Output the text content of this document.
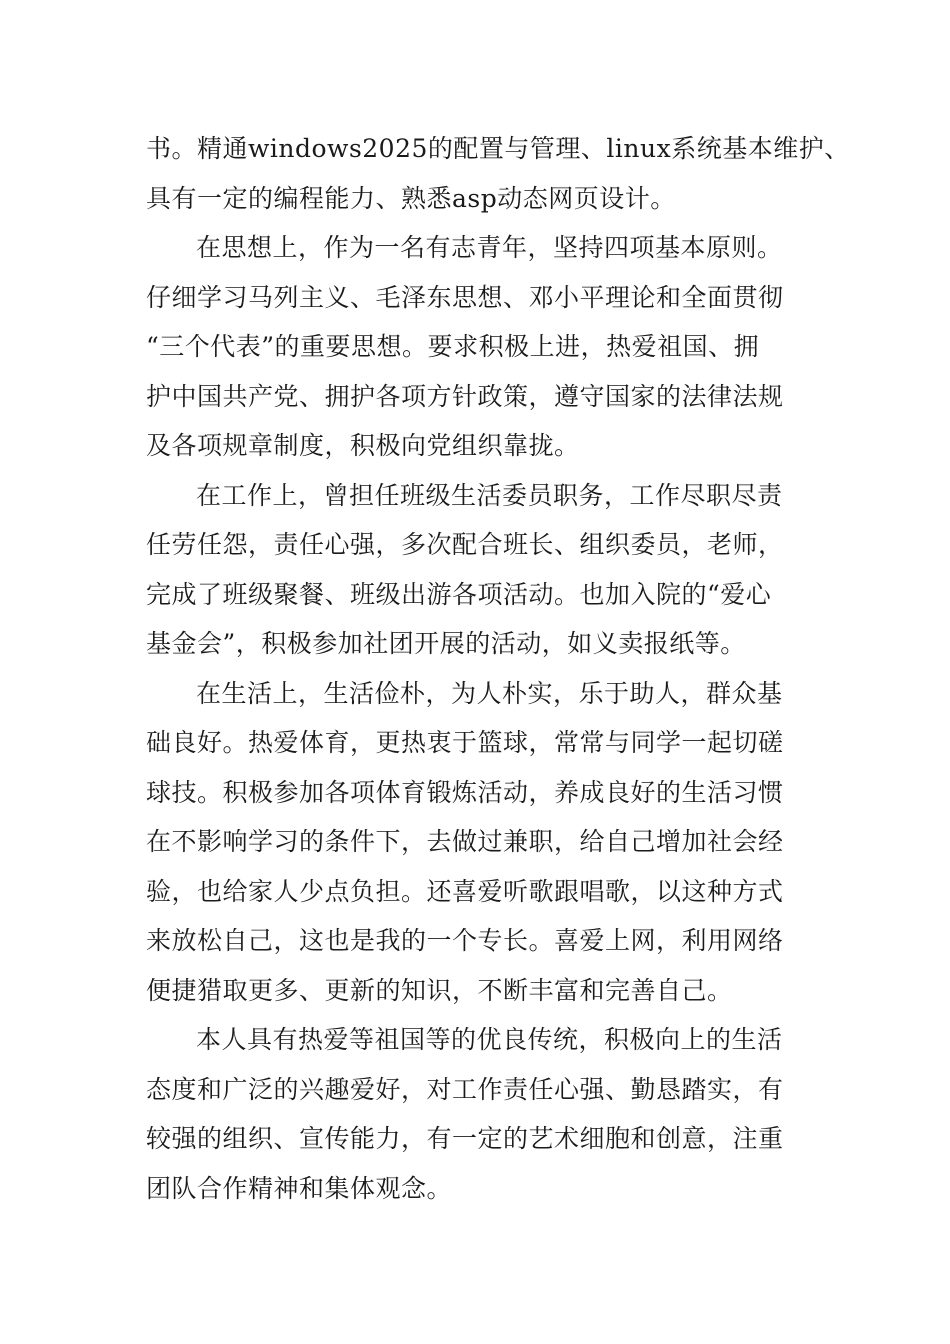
书。精通windows2025的配置与管理、linux系统基本维护、
具有一定的编程能力、熟悉asp动态网页设计。
在思想上，作为一名有志青年，坚持四项基本原则。
仔细学习马列主义、毛泽东思想、邓小平理论和全面贯彻
“三个代表”的重要思想。要求积极上进，热爱祖国、拥
护中国共产党、拥护各项方针政策，遵守国家的法律法规
及各项规章制度，积极向党组织靠拢。
在工作上，曾担任班级生活委员职务，工作尽职尽责
任劳任怨，责任心强，多次配合班长、组织委员，老师，
完成了班级聚餐、班级出游各项活动。也加入院的“爱心
基金会”，积极参加社团开展的活动，如义卖报纸等。
在生活上，生活俭朴，为人朴实，乐于助人，群众基
础良好。热爱体育，更热衷于篮球，常常与同学一起切磋
球技。积极参加各项体育锻炼活动，养成良好的生活习惯
在不影响学习的条件下，去做过兼职，给自己增加社会经
验，也给家人少点负担。还喜爱听歌跟唱歌，以这种方式
来放松自己，这也是我的一个专长。喜爱上网，利用网络
便捷猎取更多、更新的知识，不断丰富和完善自己。
本人具有热爱等祖国等的优良传统，积极向上的生活
态度和广泛的兴趣爱好，对工作责任心强、勤恳踏实，有
较强的组织、宣传能力，有一定的艺术细胞和创意，注重
团队合作精神和集体观念。
